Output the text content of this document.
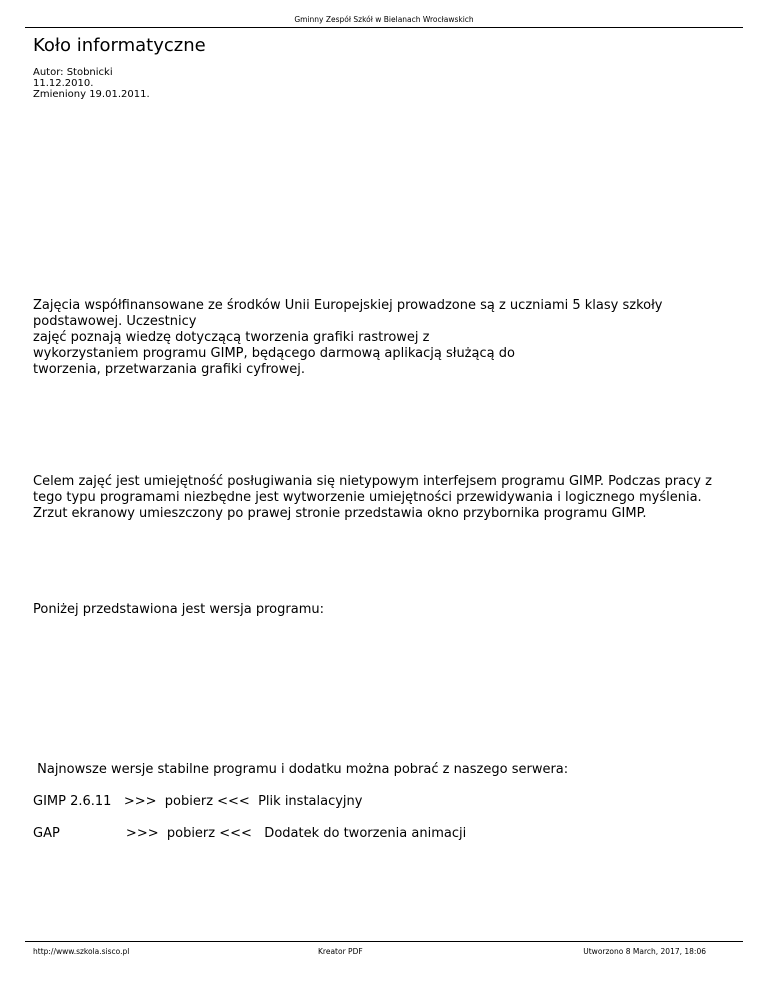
Gminny Zespół Szkół w Bielanach Wrocławskich
Koło informatyczne
Autor: Stobnicki
11.12.2010.
Zmieniony 19.01.2011.
Zajęcia współfinansowane ze środków Unii Europejskiej prowadzone są z uczniami 5 klasy szkoły podstawowej. Uczestnicy
zajęć poznają wiedzę dotyczącą tworzenia grafiki rastrowej z
wykorzystaniem programu GIMP, będącego darmową aplikacją służącą do
tworzenia, przetwarzania grafiki cyfrowej.

Celem zajęć jest umiejętność posługiwania się nietypowym interfejsem programu GIMP. Podczas pracy z tego typu programami niezbędne jest wytworzenie umiejętności przewidywania i logicznego myślenia. Zrzut ekranowy umieszczony po prawej stronie przedstawia okno przybornika programu GIMP.
Poniżej przedstawiona jest wersja programu:

Najnowsze wersje stabilne programu i dodatku można pobrać z naszego serwera:
GIMP 2.6.11   >>>  pobierz <<<  Plik instalacyjny
GAP                >>>  pobierz <<<   Dodatek do tworzenia animacji

http://www.szkola.sisco.pl	Kreator PDF	Utworzono 8 March, 2017, 18:06
